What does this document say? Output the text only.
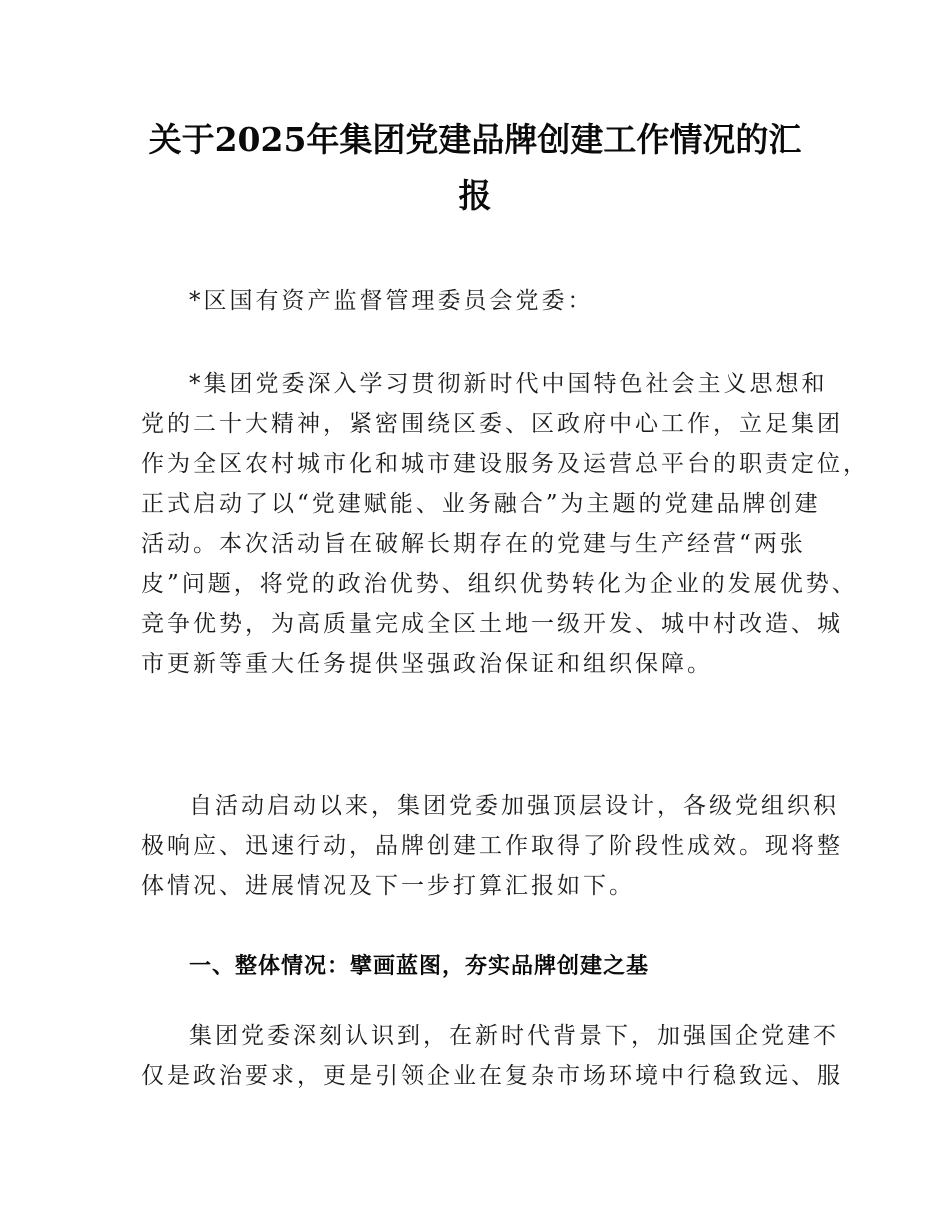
关于2025年集团党建品牌创建工作情况的汇
报
*区国有资产监督管理委员会党委：
*集团党委深入学习贯彻新时代中国特色社会主义思想和
党的二十大精神，紧密围绕区委、区政府中心工作，立足集团
作为全区农村城市化和城市建设服务及运营总平台的职责定位，
正式启动了以“党建赋能、业务融合”为主题的党建品牌创建
活动。本次活动旨在破解长期存在的党建与生产经营“两张
皮”问题，将党的政治优势、组织优势转化为企业的发展优势、
竞争优势，为高质量完成全区土地一级开发、城中村改造、城
市更新等重大任务提供坚强政治保证和组织保障。
自活动启动以来，集团党委加强顶层设计，各级党组织积
极响应、迅速行动，品牌创建工作取得了阶段性成效。现将整
体情况、进展情况及下一步打算汇报如下。
一、整体情况：擘画蓝图，夯实品牌创建之基
集团党委深刻认识到，在新时代背景下，加强国企党建不
仅是政治要求，更是引领企业在复杂市场环境中行稳致远、服
